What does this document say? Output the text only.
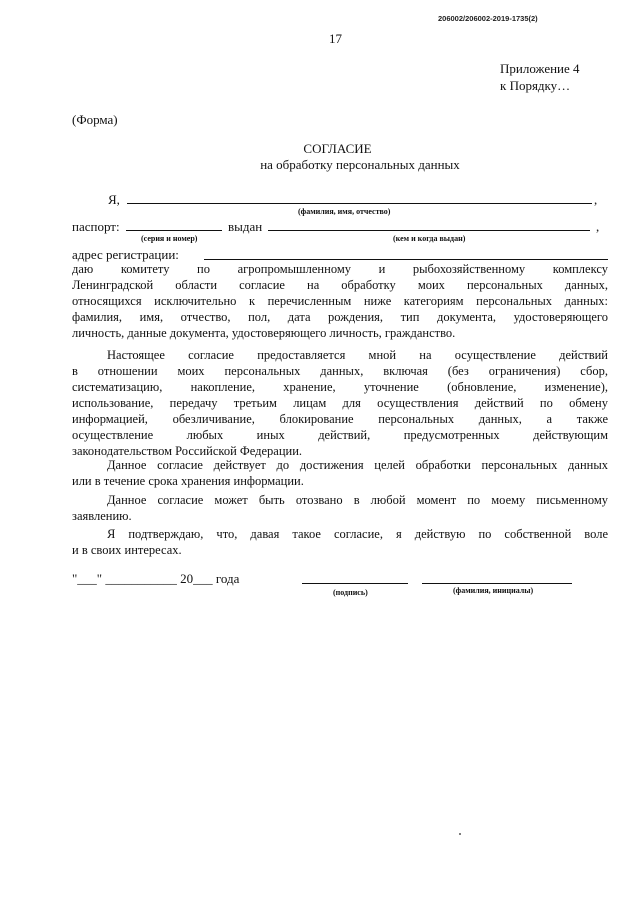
206002/206002-2019-1735(2)
17
Приложение 4
к Порядку…
(Форма)
СОГЛАСИЕ
на обработку персональных данных
Я,	,
(фамилия, имя, отчество)
паспорт:	выдан	,
(серия и номер)	(кем и когда выдан)
адрес регистрации:
даю комитету по агропромышленному и рыбохозяйственному комплексу
Ленинградской области согласие на обработку моих персональных данных,
относящихся исключительно к перечисленным ниже категориям персональных данных:
фамилия, имя, отчество, пол, дата рождения, тип документа, удостоверяющего
личность, данные документа, удостоверяющего личность, гражданство.
Настоящее согласие предоставляется мной на осуществление действий
в отношении моих персональных данных, включая (без ограничения) сбор,
систематизацию, накопление, хранение, уточнение (обновление, изменение),
использование, передачу третьим лицам для осуществления действий по обмену
информацией, обезличивание, блокирование персональных данных, а также
осуществление любых иных действий, предусмотренных действующим
законодательством Российской Федерации.
Данное согласие действует до достижения целей обработки персональных данных
или в течение срока хранения информации.
Данное согласие может быть отозвано в любой момент по моему письменному
заявлению.
Я подтверждаю, что, давая такое согласие, я действую по собственной воле
и в своих интересах.
"___" ___________ 20___ года
(подпись)	(фамилия, инициалы)
